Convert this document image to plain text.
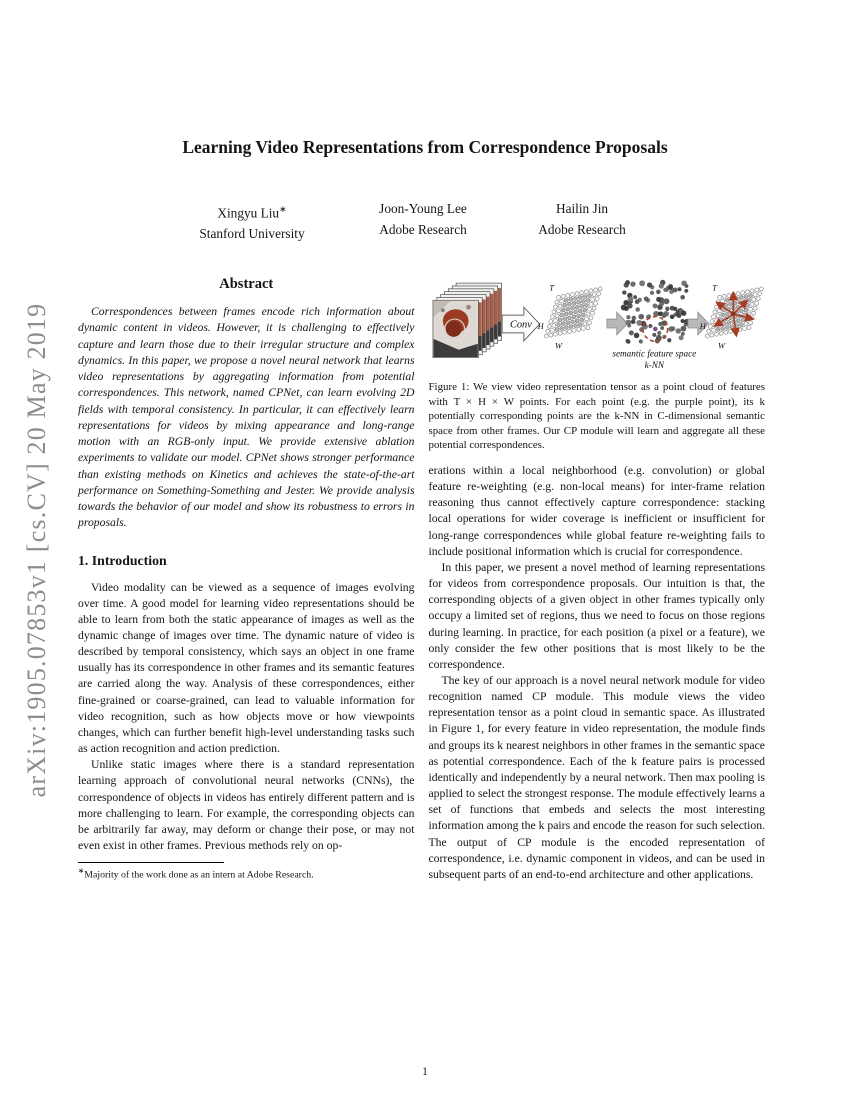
arXiv:1905.07853v1 [cs.CV] 20 May 2019
Learning Video Representations from Correspondence Proposals
Xingyu Liu∗
Stanford University
Joon-Young Lee
Adobe Research
Hailin Jin
Adobe Research
Abstract
Correspondences between frames encode rich information about dynamic content in videos. However, it is challenging to effectively capture and learn those due to their irregular structure and complex dynamics. In this paper, we propose a novel neural network that learns video representations by aggregating information from potential correspondences. This network, named CPNet, can learn evolving 2D fields with temporal consistency. In particular, it can effectively learn representations for videos by mixing appearance and long-range motion with an RGB-only input. We provide extensive ablation experiments to validate our model. CPNet shows stronger performance than existing methods on Kinetics and achieves the state-of-the-art performance on Something-Something and Jester. We provide analysis towards the behavior of our model and show its robustness to errors in proposals.
1. Introduction

Video modality can be viewed as a sequence of images evolving over time. A good model for learning video representations should be able to learn from both the static appearance of images as well as the dynamic change of images over time. The dynamic nature of video is described by temporal consistency, which says an object in one frame usually has its correspondence in other frames and its semantic features are carried along the way. Analysis of these correspondences, either fine-grained or coarse-grained, can lead to valuable information for video recognition, such as how objects move or how viewpoints changes, which can further benefit high-level understanding tasks such as action recognition and action prediction.

Unlike static images where there is a standard representation learning approach of convolutional neural networks (CNNs), the correspondence of objects in videos has entirely different pattern and is more challenging to learn. For example, the corresponding objects can be arbitrarily far away, may deform or change their pose, or may not even exist in other frames. Previous methods rely on op-

∗Majority of the work done as an intern at Adobe Research.
Conv
T
H
W
T
H
W
semantic feature space
k-NN
Figure 1: We view video representation tensor as a point cloud of features with T × H × W points. For each point (e.g. the purple point), its k potentially corresponding points are the k-NN in C-dimensional semantic space from other frames. Our CP module will learn and aggregate all these potential correspondences.

erations within a local neighborhood (e.g. convolution) or global feature re-weighting (e.g. non-local means) for inter-frame relation reasoning thus cannot effectively capture correspondence: stacking local operations for wider coverage is inefficient or insufficient for long-range correspondences while global feature re-weighting fails to include positional information which is crucial for correspondence.

In this paper, we present a novel method of learning representations for videos from correspondence proposals. Our intuition is that, the corresponding objects of a given object in other frames typically only occupy a limited set of regions, thus we need to focus on those regions during learning. In practice, for each position (a pixel or a feature), we only consider the few other positions that is most likely to be the correspondence.

The key of our approach is a novel neural network module for video recognition named CP module. This module views the video representation tensor as a point cloud in semantic space. As illustrated in Figure 1, for every feature in video representation, the module finds and groups its k nearest neighbors in other frames in the semantic space as potential correspondence. Each of the k feature pairs is processed identically and independently by a neural network. Then max pooling is applied to select the strongest response. The module effectively learns a set of functions that embeds and selects the most interesting information among the k pairs and encode the reason for such selection. The output of CP module is the encoded representation of correspondence, i.e. dynamic component in videos, and can be used in subsequent parts of an end-to-end architecture and other applications.

1
